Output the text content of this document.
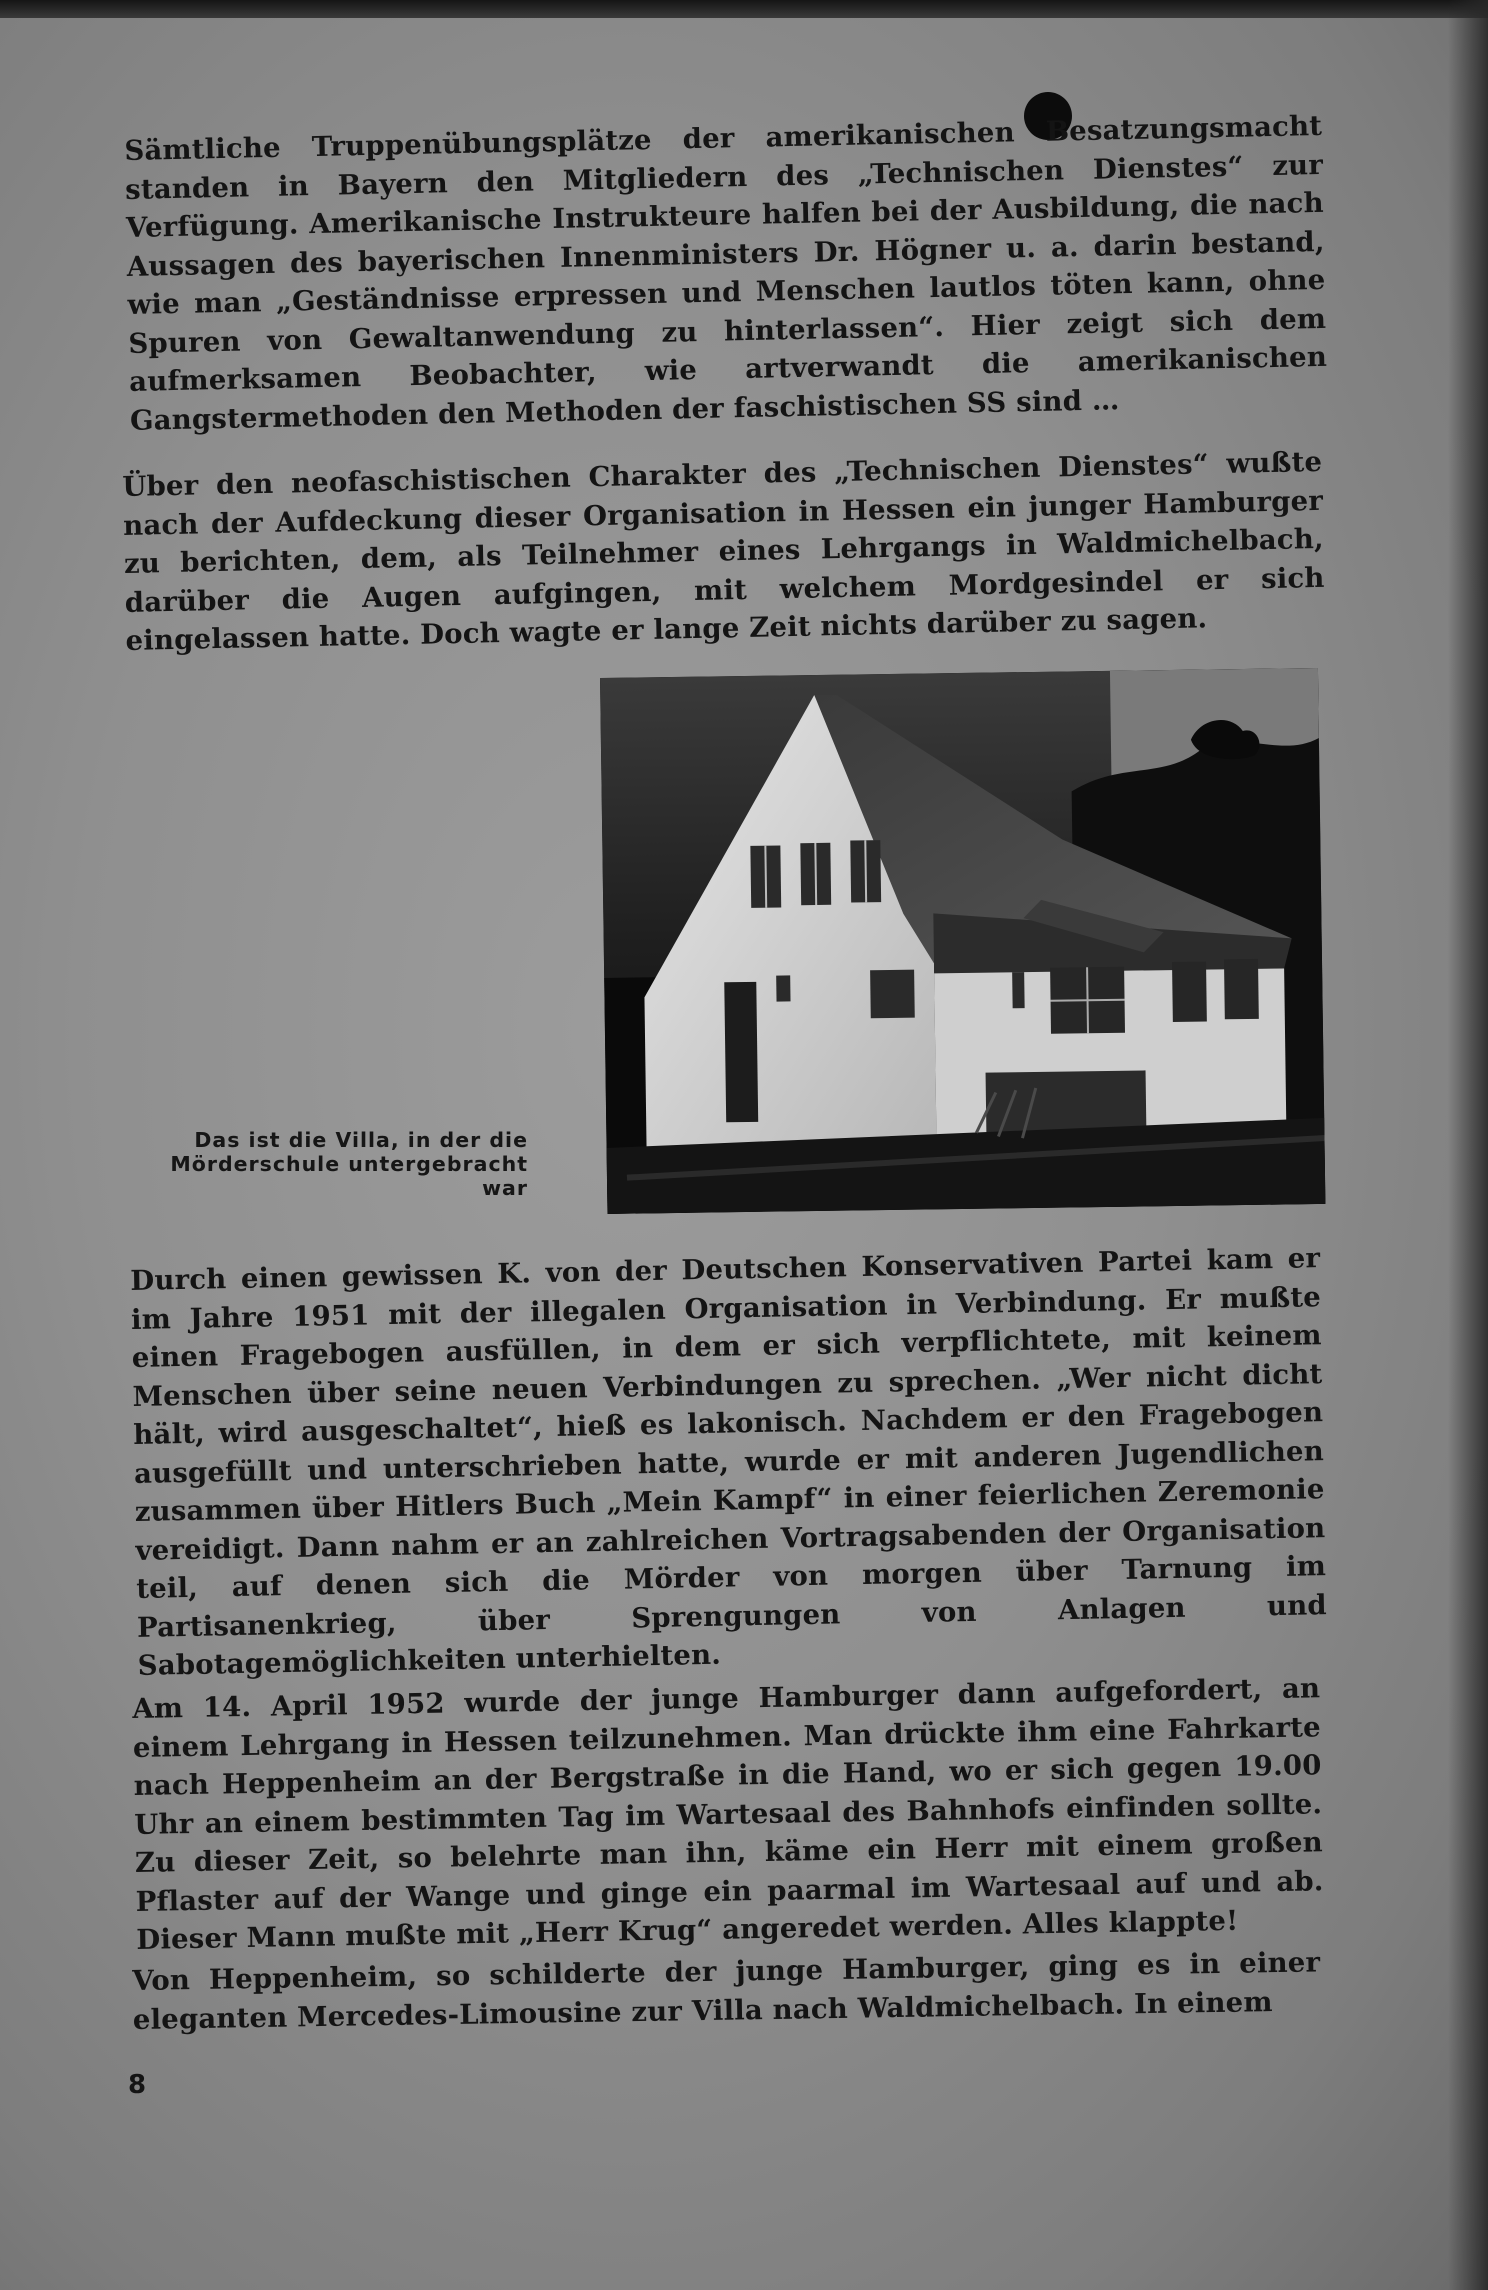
Sämtliche Truppenübungsplätze der amerikanischen Besatzungsmacht standen in Bayern den Mitgliedern des „Technischen Dienstes“ zur Verfügung. Amerikanische Instrukteure halfen bei der Ausbildung, die nach Aussagen des bayerischen Innenministers Dr. Högner u. a. darin bestand, wie man „Geständnisse erpressen und Menschen lautlos töten kann, ohne Spuren von Gewaltanwendung zu hinterlassen“. Hier zeigt sich dem aufmerksamen Beobachter, wie artverwandt die amerikanischen Gangstermethoden den Methoden der faschistischen SS sind …

Über den neofaschistischen Charakter des „Technischen Dienstes“ wußte nach der Aufdeckung dieser Organisation in Hessen ein junger Hamburger zu berichten, dem, als Teilnehmer eines Lehrgangs in Waldmichelbach, darüber die Augen aufgingen, mit welchem Mordgesindel er sich eingelassen hatte. Doch wagte er lange Zeit nichts darüber zu sagen.

Das ist die Villa, in der die Mörderschule untergebracht war

Durch einen gewissen K. von der Deutschen Konservativen Partei kam er im Jahre 1951 mit der illegalen Organisation in Verbindung. Er mußte einen Fragebogen ausfüllen, in dem er sich verpflichtete, mit keinem Menschen über seine neuen Verbindungen zu sprechen. „Wer nicht dicht hält, wird ausgeschaltet“, hieß es lakonisch. Nachdem er den Fragebogen ausgefüllt und unterschrieben hatte, wurde er mit anderen Jugendlichen zusammen über Hitlers Buch „Mein Kampf“ in einer feierlichen Zeremonie vereidigt. Dann nahm er an zahlreichen Vortragsabenden der Organisation teil, auf denen sich die Mörder von morgen über Tarnung im Partisanenkrieg, über Sprengungen von Anlagen und Sabotagemöglichkeiten unterhielten.

Am 14. April 1952 wurde der junge Hamburger dann aufgefordert, an einem Lehrgang in Hessen teilzunehmen. Man drückte ihm eine Fahrkarte nach Heppenheim an der Bergstraße in die Hand, wo er sich gegen 19.00 Uhr an einem bestimmten Tag im Wartesaal des Bahnhofs einfinden sollte. Zu dieser Zeit, so belehrte man ihn, käme ein Herr mit einem großen Pflaster auf der Wange und ginge ein paarmal im Wartesaal auf und ab. Dieser Mann mußte mit „Herr Krug“ angeredet werden. Alles klappte!

Von Heppenheim, so schilderte der junge Hamburger, ging es in einer eleganten Mercedes-Limousine zur Villa nach Waldmichelbach. In einem

8
